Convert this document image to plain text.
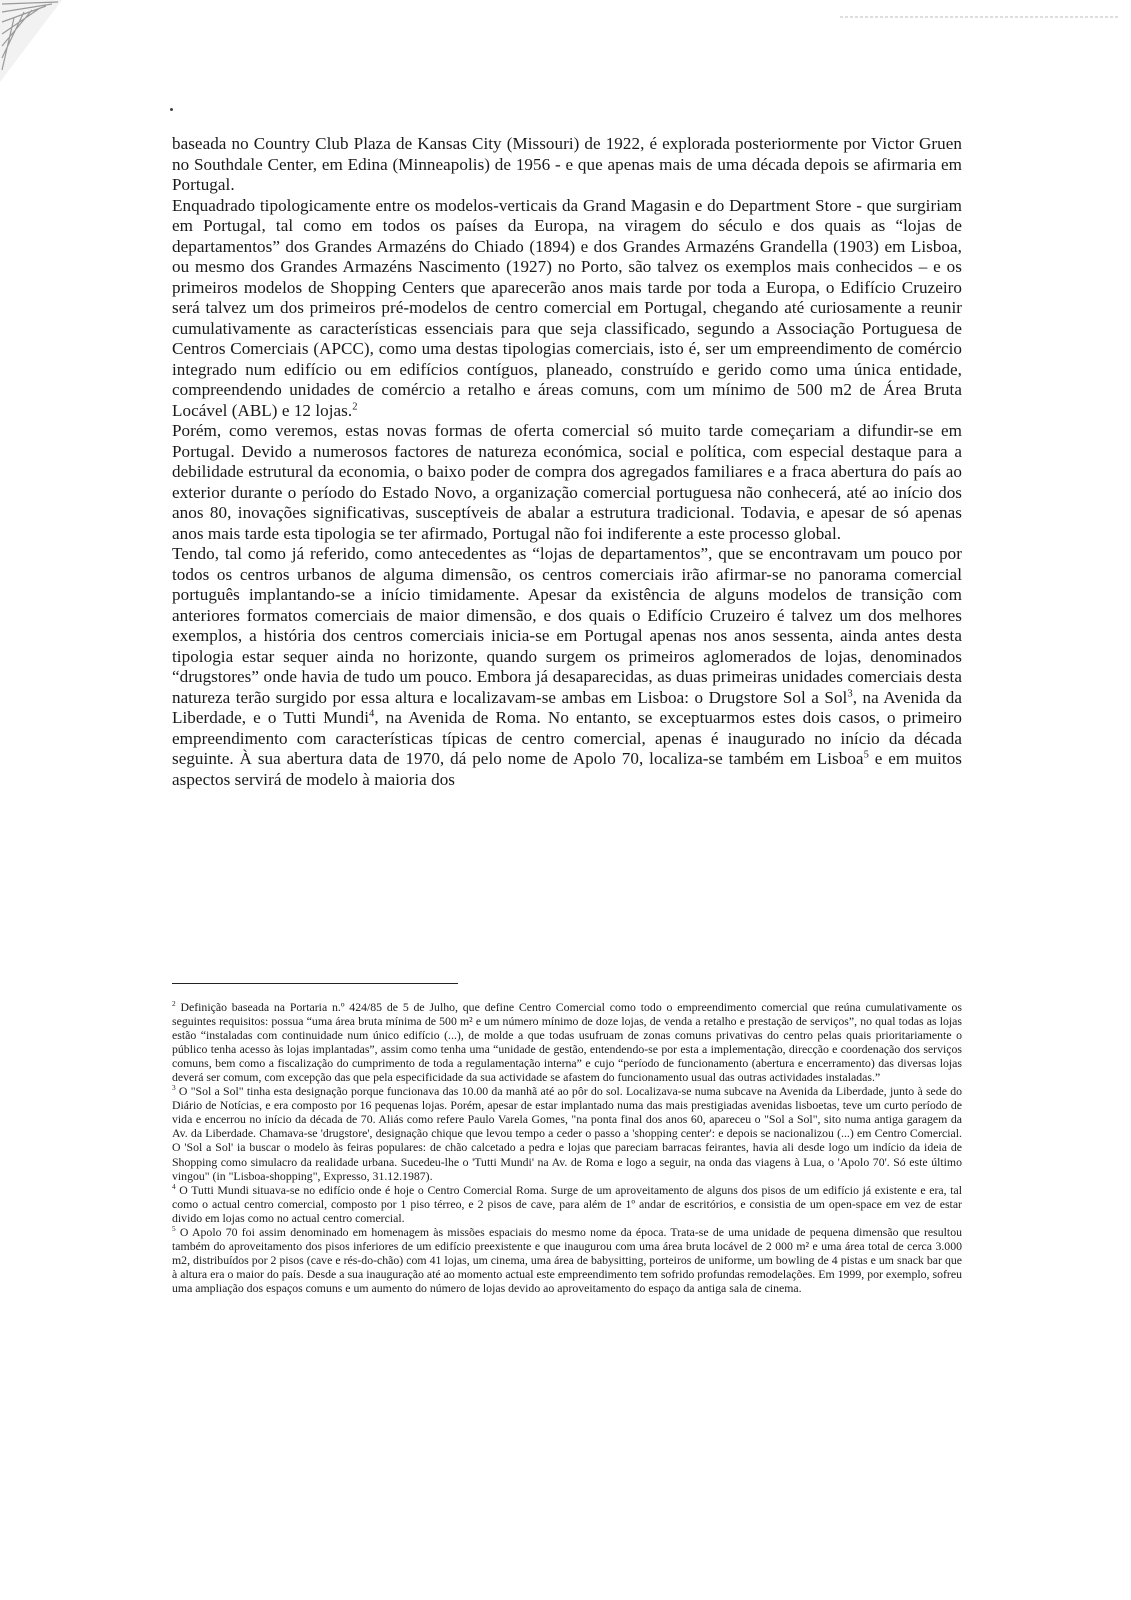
baseada no Country Club Plaza de Kansas City (Missouri) de 1922, é explorada posteriormente por Victor Gruen no Southdale Center, em Edina (Minneapolis) de 1956 - e que apenas mais de uma década depois se afirmaria em Portugal.

Enquadrado tipologicamente entre os modelos-verticais da Grand Magasin e do Department Store - que surgiriam em Portugal, tal como em todos os países da Europa, na viragem do século e dos quais as “lojas de departamentos” dos Grandes Armazéns do Chiado (1894) e dos Grandes Armazéns Grandella (1903) em Lisboa, ou mesmo dos Grandes Armazéns Nascimento (1927) no Porto, são talvez os exemplos mais conhecidos – e os primeiros modelos de Shopping Centers que aparecerão anos mais tarde por toda a Europa, o Edifício Cruzeiro será talvez um dos primeiros pré-modelos de centro comercial em Portugal, chegando até curiosamente a reunir cumulativamente as características essenciais para que seja classificado, segundo a Associação Portuguesa de Centros Comerciais (APCC), como uma destas tipologias comerciais, isto é, ser um empreendimento de comércio integrado num edifício ou em edifícios contíguos, planeado, construído e gerido como uma única entidade, compreendendo unidades de comércio a retalho e áreas comuns, com um mínimo de 500 m2 de Área Bruta Locável (ABL) e 12 lojas.$^2$

Porém, como veremos, estas novas formas de oferta comercial só muito tarde começariam a difundir-se em Portugal. Devido a numerosos factores de natureza económica, social e política, com especial destaque para a debilidade estrutural da economia, o baixo poder de compra dos agregados familiares e a fraca abertura do país ao exterior durante o período do Estado Novo, a organização comercial portuguesa não conhecerá, até ao início dos anos 80, inovações significativas, susceptíveis de abalar a estrutura tradicional. Todavia, e apesar de só apenas anos mais tarde esta tipologia se ter afirmado, Portugal não foi indiferente a este processo global.

Tendo, tal como já referido, como antecedentes as “lojas de departamentos”, que se encontravam um pouco por todos os centros urbanos de alguma dimensão, os centros comerciais irão afirmar-se no panorama comercial português implantando-se a início timidamente. Apesar da existência de alguns modelos de transição com anteriores formatos comerciais de maior dimensão, e dos quais o Edifício Cruzeiro é talvez um dos melhores exemplos, a história dos centros comerciais inicia-se em Portugal apenas nos anos sessenta, ainda antes desta tipologia estar sequer ainda no horizonte, quando surgem os primeiros aglomerados de lojas, denominados “drugstores” onde havia de tudo um pouco. Embora já desaparecidas, as duas primeiras unidades comerciais desta natureza terão surgido por essa altura e localizavam-se ambas em Lisboa: o Drugstore Sol a Sol$^3$, na Avenida da Liberdade, e o Tutti Mundi$^4$, na Avenida de Roma. No entanto, se exceptuarmos estes dois casos, o primeiro empreendimento com características típicas de centro comercial, apenas é inaugurado no início da década seguinte. À sua abertura data de 1970, dá pelo nome de Apolo 70, localiza-se também em Lisboa$^5$ e em muitos aspectos servirá de modelo à maioria dos

$^2$ Definição baseada na Portaria n.º 424/85 de 5 de Julho, que define Centro Comercial como todo o empreendimento comercial que reúna cumulativamente os seguintes requisitos: possua “uma área bruta mínima de 500 m² e um número mínimo de doze lojas, de venda a retalho e prestação de serviços”, no qual todas as lojas estão “instaladas com continuidade num único edifício (...), de molde a que todas usufruam de zonas comuns privativas do centro pelas quais prioritariamente o público tenha acesso às lojas implantadas”, assim como tenha uma “unidade de gestão, entendendo-se por esta a implementação, direcção e coordenação dos serviços comuns, bem como a fiscalização do cumprimento de toda a regulamentação interna” e cujo “período de funcionamento (abertura e encerramento) das diversas lojas deverá ser comum, com excepção das que pela especificidade da sua actividade se afastem do funcionamento usual das outras actividades instaladas.”

$^3$ O "Sol a Sol" tinha esta designação porque funcionava das 10.00 da manhã até ao pôr do sol. Localizava-se numa subcave na Avenida da Liberdade, junto à sede do Diário de Notícias, e era composto por 16 pequenas lojas. Porém, apesar de estar implantado numa das mais prestigiadas avenidas lisboetas, teve um curto período de vida e encerrou no início da década de 70. Aliás como refere Paulo Varela Gomes, "na ponta final dos anos 60, apareceu o "Sol a Sol", sito numa antiga garagem da Av. da Liberdade. Chamava-se 'drugstore', designação chique que levou tempo a ceder o passo a 'shopping center': e depois se nacionalizou (...) em Centro Comercial. O 'Sol a Sol' ia buscar o modelo às feiras populares: de chão calcetado a pedra e lojas que pareciam barracas feirantes, havia ali desde logo um indício da ideia de Shopping como simulacro da realidade urbana. Sucedeu-lhe o 'Tutti Mundi' na Av. de Roma e logo a seguir, na onda das viagens à Lua, o 'Apolo 70'. Só este último vingou" (in "Lisboa-shopping", Expresso, 31.12.1987).

$^4$ O Tutti Mundi situava-se no edifício onde é hoje o Centro Comercial Roma. Surge de um aproveitamento de alguns dos pisos de um edifício já existente e era, tal como o actual centro comercial, composto por 1 piso térreo, e 2 pisos de cave, para além de 1º andar de escritórios, e consistia de um open-space em vez de estar divido em lojas como no actual centro comercial.

$^5$ O Apolo 70 foi assim denominado em homenagem às missões espaciais do mesmo nome da época. Trata-se de uma unidade de pequena dimensão que resultou também do aproveitamento dos pisos inferiores de um edifício preexistente e que inaugurou com uma área bruta locável de 2 000 m² e uma área total de cerca 3.000 m2, distribuídos por 2 pisos (cave e rés-do-chão) com 41 lojas, um cinema, uma área de babysitting, porteiros de uniforme, um bowling de 4 pistas e um snack bar que à altura era o maior do país. Desde a sua inauguração até ao momento actual este empreendimento tem sofrido profundas remodelações. Em 1999, por exemplo, sofreu uma ampliação dos espaços comuns e um aumento do número de lojas devido ao aproveitamento do espaço da antiga sala de cinema.
